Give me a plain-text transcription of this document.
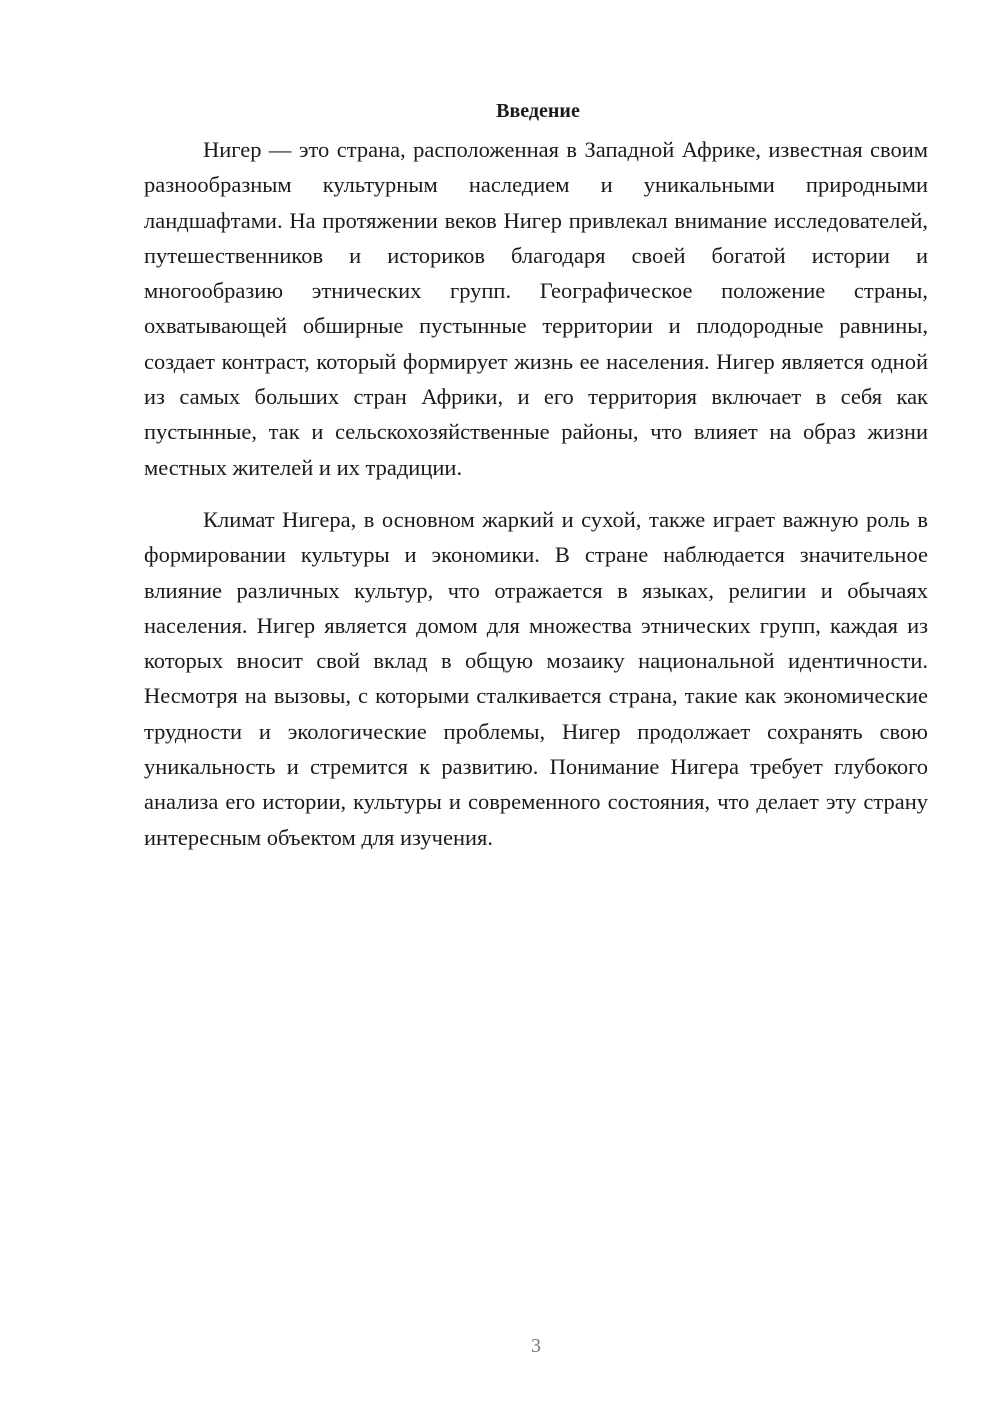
Введение

Нигер — это страна, расположенная в Западной Африке, известная своим разнообразным культурным наследием и уникальными природными ландшафтами. На протяжении веков Нигер привлекал внимание исследователей, путешественников и историков благодаря своей богатой истории и многообразию этнических групп. Географическое положение страны, охватывающей обширные пустынные территории и плодородные равнины, создает контраст, который формирует жизнь ее населения. Нигер является одной из самых больших стран Африки, и его территория включает в себя как пустынные, так и сельскохозяйственные районы, что влияет на образ жизни местных жителей и их традиции.

Климат Нигера, в основном жаркий и сухой, также играет важную роль в формировании культуры и экономики. В стране наблюдается значительное влияние различных культур, что отражается в языках, религии и обычаях населения. Нигер является домом для множества этнических групп, каждая из которых вносит свой вклад в общую мозаику национальной идентичности. Несмотря на вызовы, с которыми сталкивается страна, такие как экономические трудности и экологические проблемы, Нигер продолжает сохранять свою уникальность и стремится к развитию. Понимание Нигера требует глубокого анализа его истории, культуры и современного состояния, что делает эту страну интересным объектом для изучения.

3
